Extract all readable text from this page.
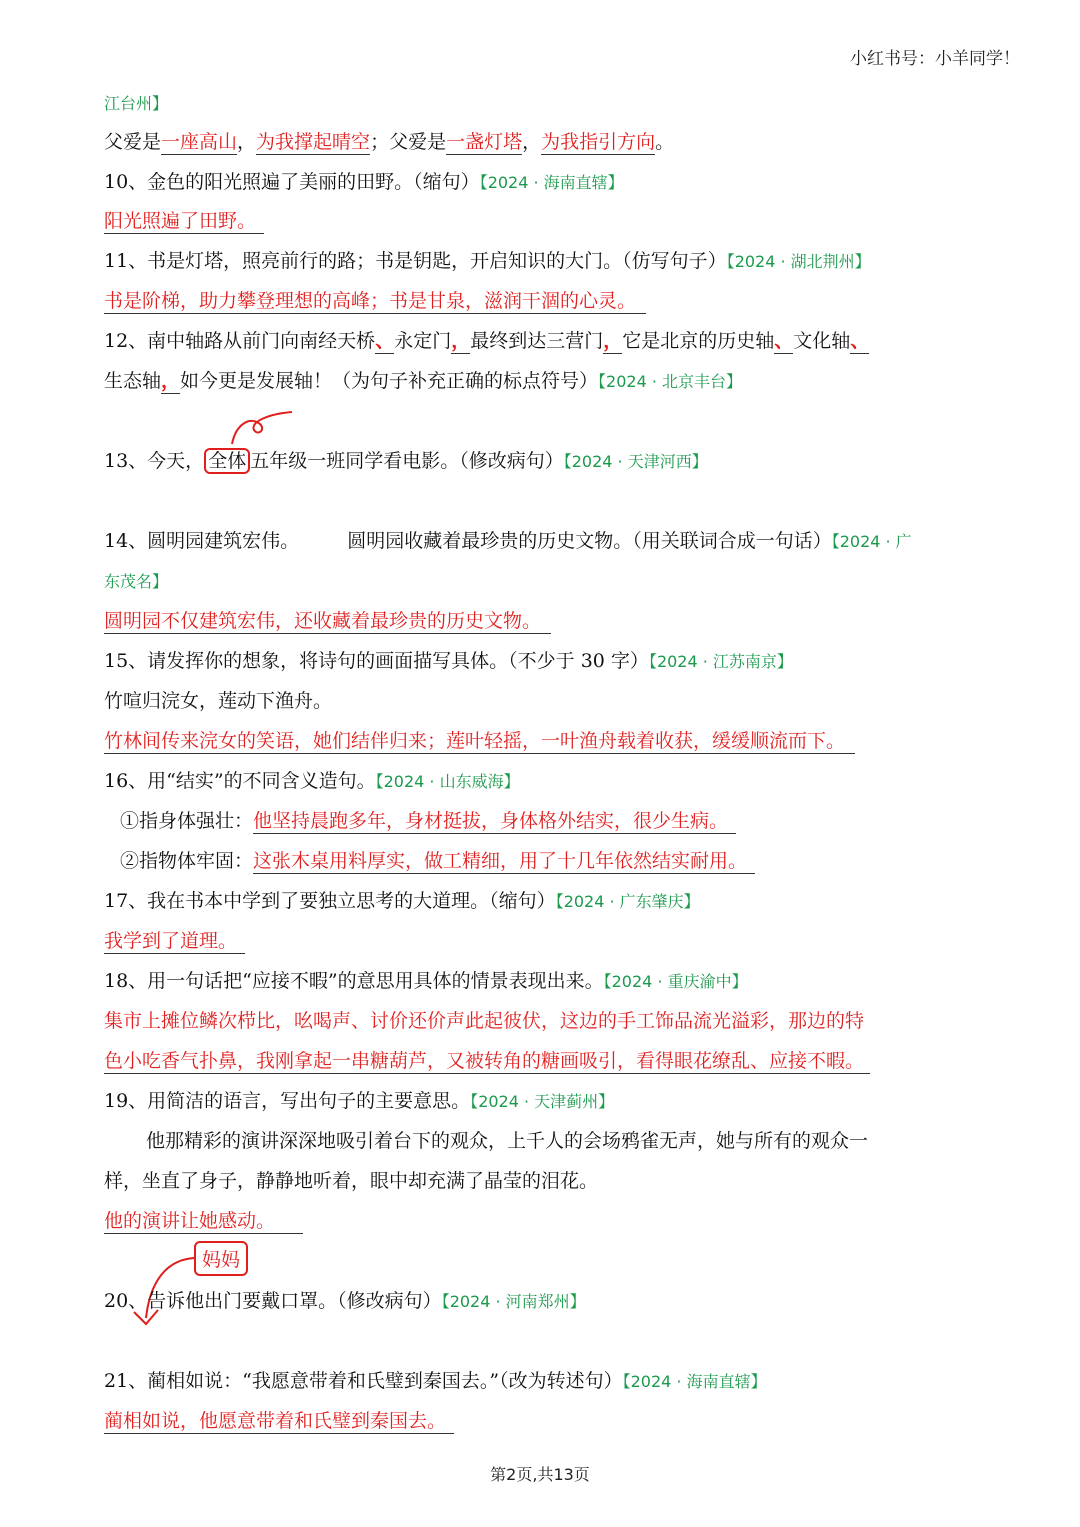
小红书号：小羊同学！
江台州】
父爱是一座高山，为我撑起晴空；父爱是一盏灯塔，为我指引方向。
10、金色的阳光照遍了美丽的田野。（缩句）【2024 · 海南直辖】
阳光照遍了田野。
11、书是灯塔，照亮前行的路；书是钥匙，开启知识的大门。（仿写句子）【2024 · 湖北荆州】
书是阶梯，助力攀登理想的高峰；书是甘泉，滋润干涸的心灵。
12、南中轴路从前门向南经天桥、永定门，最终到达三营门，它是北京的历史轴、文化轴、
生态轴，如今更是发展轴！（为句子补充正确的标点符号）【2024 · 北京丰台】
13、今天， 全体 五年级一班同学看电影。（修改病句）【2024 · 天津河西】
14、圆明园建筑宏伟。	圆明园收藏着最珍贵的历史文物。（用关联词合成一句话）【2024 · 广
东茂名】
圆明园不仅建筑宏伟，还收藏着最珍贵的历史文物。
15、请发挥你的想象，将诗句的画面描写具体。（不少于 30 字）【2024 · 江苏南京】
竹喧归浣女，莲动下渔舟。
竹林间传来浣女的笑语，她们结伴归来；莲叶轻摇，一叶渔舟载着收获，缓缓顺流而下。
16、用“结实”的不同含义造句。【2024 · 山东威海】
①指身体强壮：他坚持晨跑多年，身材挺拔，身体格外结实，很少生病。
②指物体牢固：这张木桌用料厚实，做工精细，用了十几年依然结实耐用。
17、我在书本中学到了要独立思考的大道理。（缩句）【2024 · 广东肇庆】
我学到了道理。
18、用一句话把“应接不暇”的意思用具体的情景表现出来。【2024 · 重庆渝中】
集市上摊位鳞次栉比，吆喝声、讨价还价声此起彼伏，这边的手工饰品流光溢彩，那边的特
色小吃香气扑鼻，我刚拿起一串糖葫芦，又被转角的糖画吸引，看得眼花缭乱、应接不暇。
19、用简洁的语言，写出句子的主要意思。【2024 · 天津蓟州】
他那精彩的演讲深深地吸引着台下的观众，上千人的会场鸦雀无声，她与所有的观众一
样，坐直了身子，静静地听着，眼中却充满了晶莹的泪花。
他的演讲让她感动。
妈妈
20、告诉他出门要戴口罩。（修改病句）【2024 · 河南郑州】
21、蔺相如说：“我愿意带着和氏璧到秦国去。”（改为转述句）【2024 · 海南直辖】
蔺相如说，他愿意带着和氏璧到秦国去。
第2页,共13页
